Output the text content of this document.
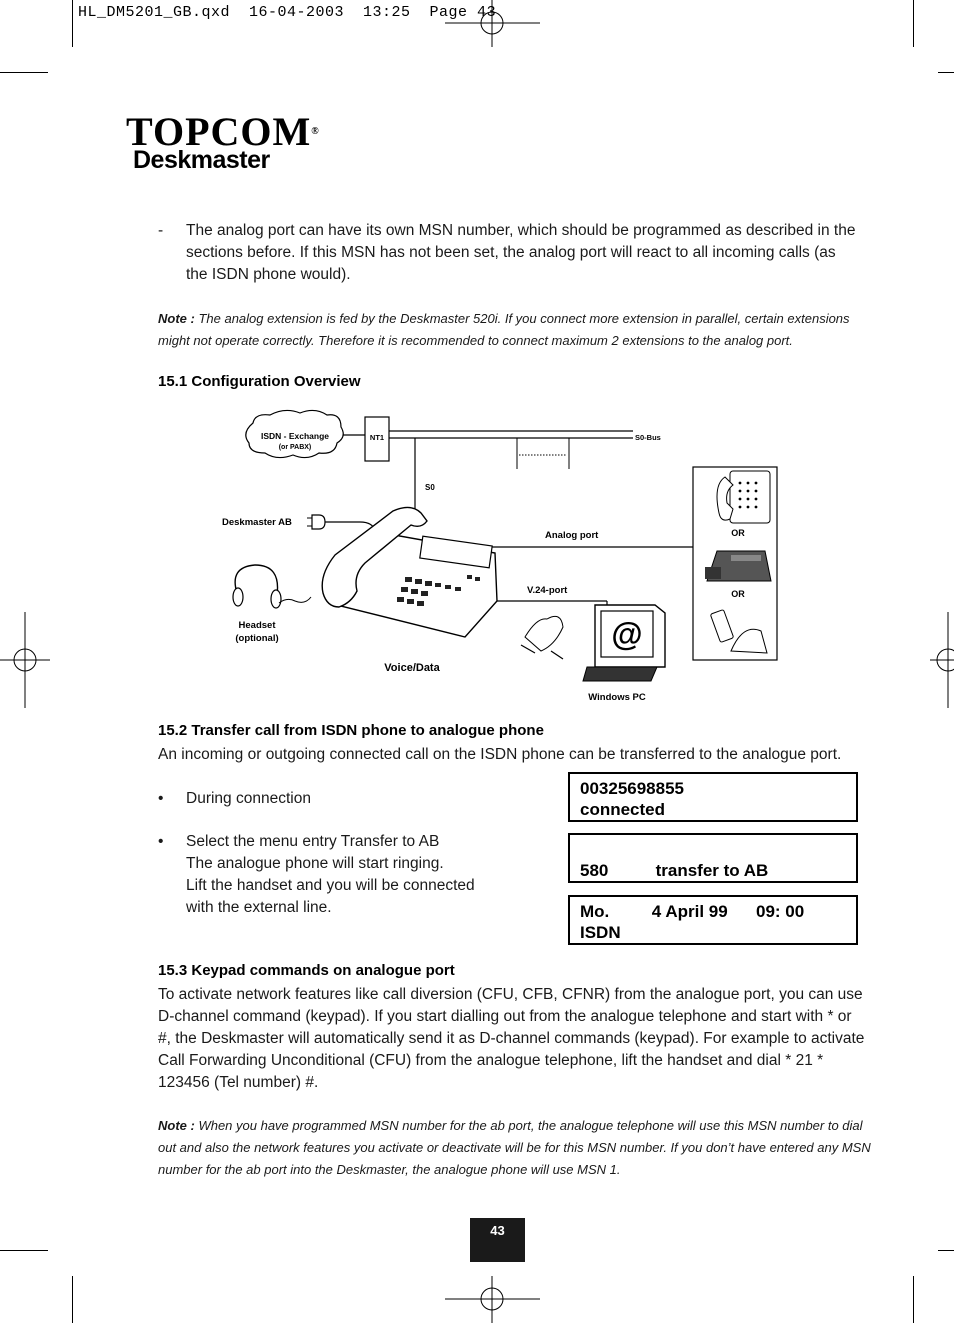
HL_DM5201_GB.qxd  16-04-2003  13:25  Page 43
TOPCOM®
Deskmaster
- The analog port can have its own MSN number, which should be programmed as described in the sections before. If this MSN has not been set, the analog port will react to all incoming calls (as the ISDN phone would).
Note : The analog extension is fed by the Deskmaster 520i. If you connect more extension in parallel, certain extensions might not operate correctly. Therefore it is recommended to connect maximum 2 extensions to the analog port.
15.1 Configuration Overview
ISDN - Exchange
(or PABX)
NT1	S0-Bus
S0
Deskmaster AB
Analog port	OR
OR
Headset
(optional)
Voice/Data
V.24-port
@
Windows PC
15.2 Transfer call from ISDN phone to analogue phone
An incoming or outgoing connected call on the ISDN phone can be transferred to the analogue port.
• During connection
• Select the menu entry Transfer to AB
The analogue phone will start ringing.
Lift the handset and you will be connected
with the external line.
00325698855
connected
580          transfer to AB
Mo.         4 April 99      09: 00
ISDN
15.3 Keypad commands on analogue port
To activate network features like call diversion (CFU, CFB, CFNR) from the analogue port, you can use D-channel command (keypad). If you start dialling out from the analogue telephone and start with * or #, the Deskmaster will automatically send it as D-channel commands (keypad). For example to activate Call Forwarding Unconditional (CFU) from the analogue telephone, lift the handset and dial * 21 * 123456 (Tel number) #.
Note : When you have programmed MSN number for the ab port, the analogue telephone will use this MSN number to dial out and also the network features you activate or deactivate will be for this MSN number. If you don’t have entered any MSN number for the ab port into the Deskmaster, the analogue phone will use MSN 1.
43
